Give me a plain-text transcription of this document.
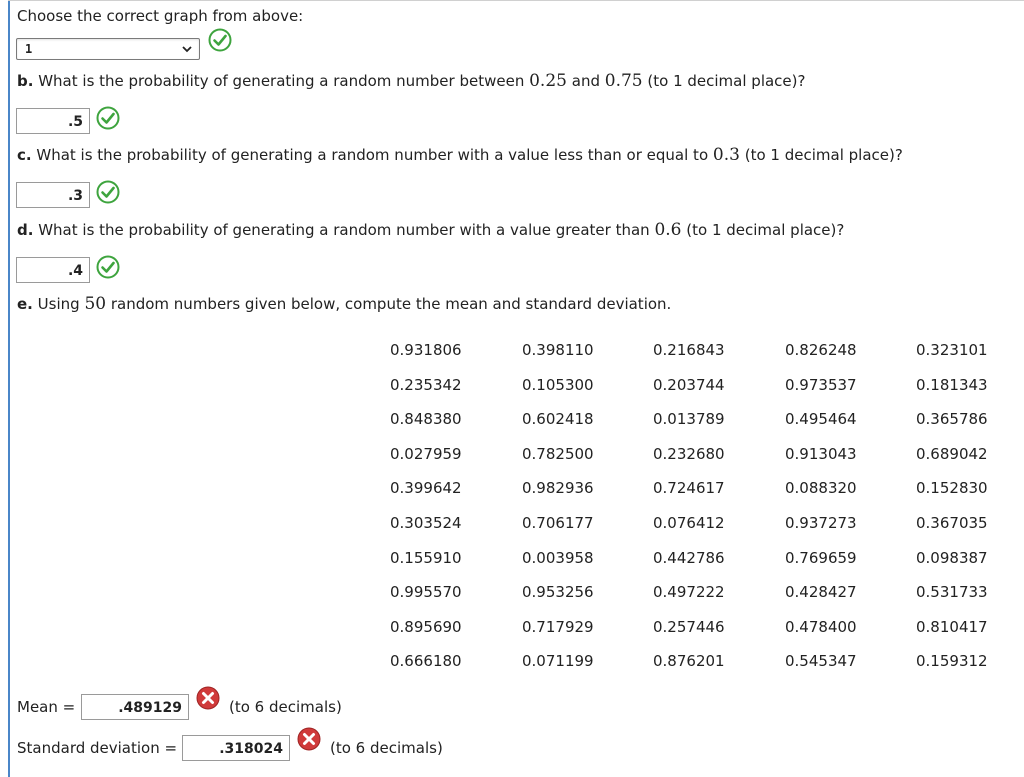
Choose the correct graph from above:
1
b. What is the probability of generating a random number between 0.25 and 0.75 (to 1 decimal place)?
.5
c. What is the probability of generating a random number with a value less than or equal to 0.3 (to 1 decimal place)?
.3
d. What is the probability of generating a random number with a value greater than 0.6 (to 1 decimal place)?
.4
e. Using 50 random numbers given below, compute the mean and standard deviation.
0.931806	0.398110	0.216843	0.826248	0.323101
0.235342	0.105300	0.203744	0.973537	0.181343
0.848380	0.602418	0.013789	0.495464	0.365786
0.027959	0.782500	0.232680	0.913043	0.689042
0.399642	0.982936	0.724617	0.088320	0.152830
0.303524	0.706177	0.076412	0.937273	0.367035
0.155910	0.003958	0.442786	0.769659	0.098387
0.995570	0.953256	0.497222	0.428427	0.531733
0.895690	0.717929	0.257446	0.478400	0.810417
0.666180	0.071199	0.876201	0.545347	0.159312
Mean =	.489129	(to 6 decimals)
Standard deviation =	.318024	(to 6 decimals)
